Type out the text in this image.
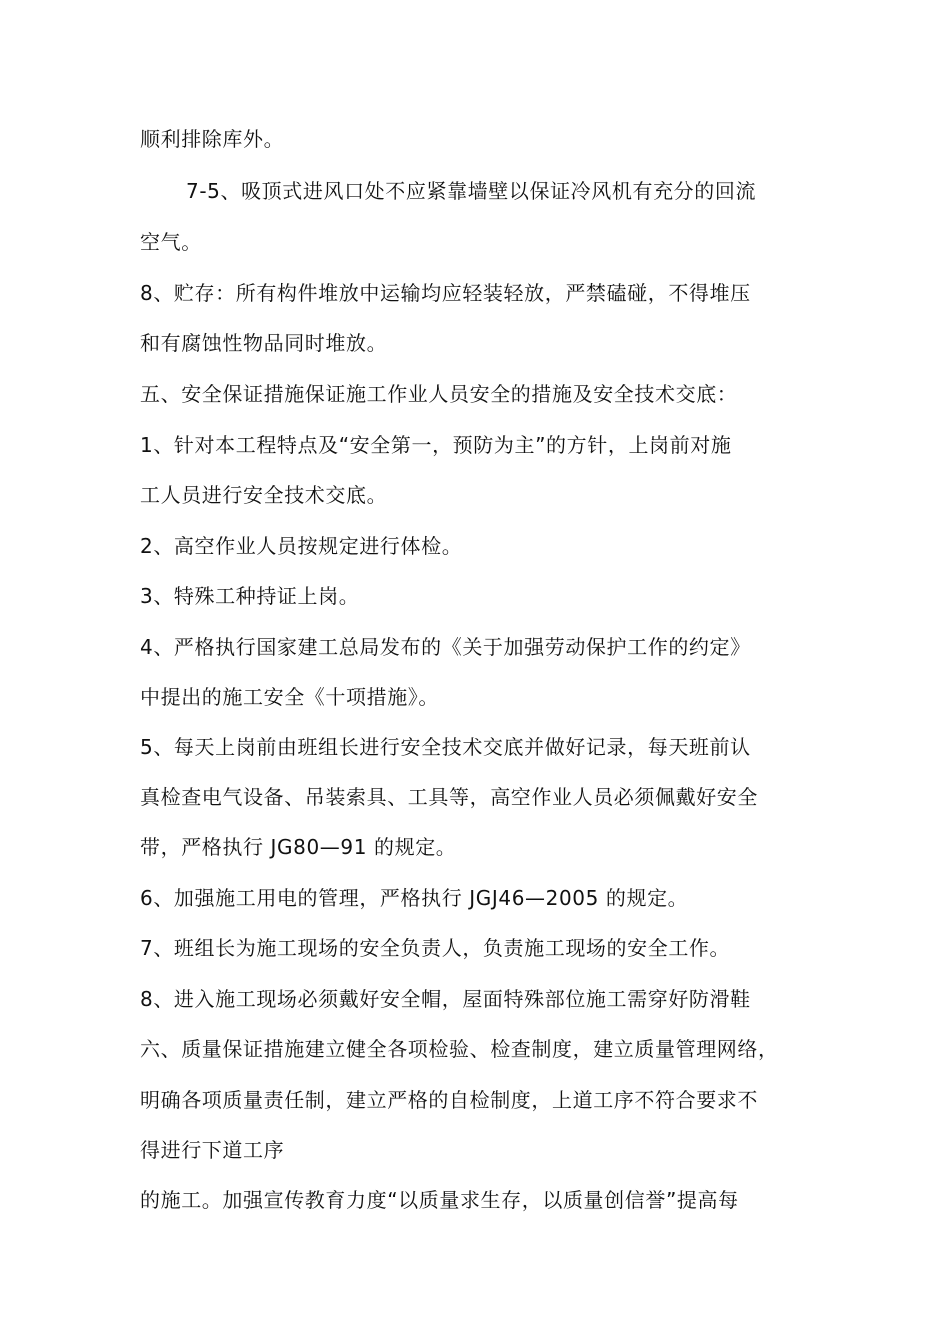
顺利排除库外。
7-5、吸顶式进风口处不应紧靠墙壁以保证冷风机有充分的回流
空气。
8、贮存：所有构件堆放中运输均应轻装轻放，严禁磕碰，不得堆压
和有腐蚀性物品同时堆放。
五、安全保证措施保证施工作业人员安全的措施及安全技术交底：
1、针对本工程特点及“安全第一，预防为主”的方针，上岗前对施
工人员进行安全技术交底。
2、高空作业人员按规定进行体检。
3、特殊工种持证上岗。
4、严格执行国家建工总局发布的《关于加强劳动保护工作的约定》
中提出的施工安全《十项措施》。
5、每天上岗前由班组长进行安全技术交底并做好记录，每天班前认
真检查电气设备、吊装索具、工具等，高空作业人员必须佩戴好安全
带，严格执行 JG80—91 的规定。
6、加强施工用电的管理，严格执行 JGJ46—2005 的规定。
7、班组长为施工现场的安全负责人，负责施工现场的安全工作。
8、进入施工现场必须戴好安全帽，屋面特殊部位施工需穿好防滑鞋
六、质量保证措施建立健全各项检验、检查制度，建立质量管理网络，
明确各项质量责任制，建立严格的自检制度，上道工序不符合要求不
得进行下道工序
的施工。加强宣传教育力度“以质量求生存，以质量创信誉”提高每
